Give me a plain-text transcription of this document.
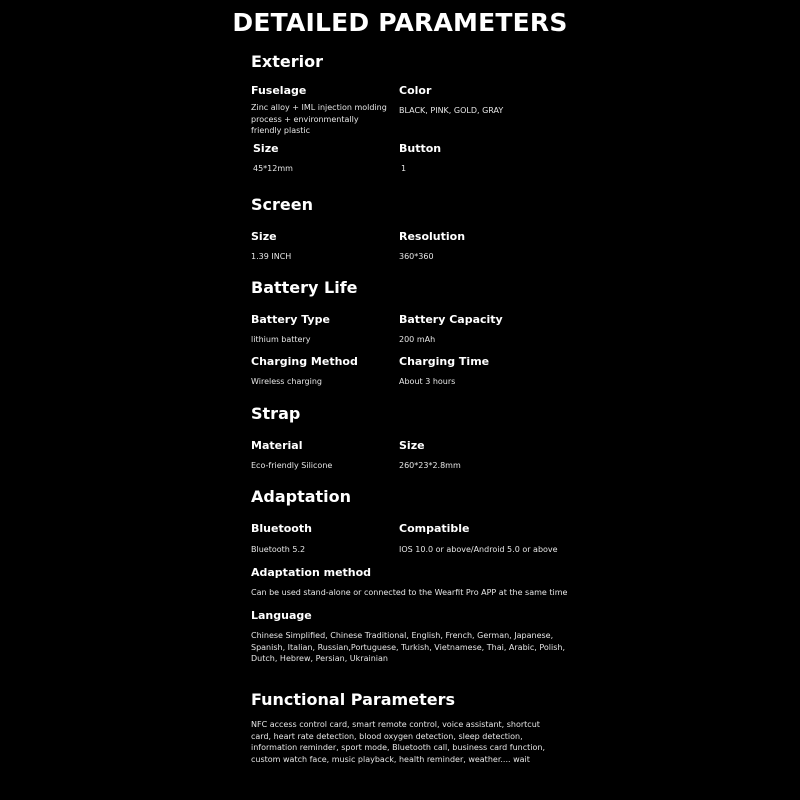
DETAILED PARAMETERS
Exterior
Fuselage
Zinc alloy + IML injection molding process + environmentally friendly plastic
Color
BLACK, PINK, GOLD, GRAY
Size
45*12mm
Button
1
Screen
Size
1.39 INCH
Resolution
360*360
Battery Life
Battery Type
lithium battery
Battery Capacity
200 mAh
Charging Method
Wireless charging
Charging Time
About 3 hours
Strap
Material
Eco-friendly Silicone
Size
260*23*2.8mm
Adaptation
Bluetooth
Bluetooth 5.2
Compatible
IOS 10.0 or above/Android 5.0 or above
Adaptation method
Can be used stand-alone or connected to the Wearfit Pro APP at the same time
Language
Chinese Simplified, Chinese Traditional, English, French, German, Japanese, Spanish, Italian, Russian,Portuguese, Turkish, Vietnamese, Thai, Arabic, Polish, Dutch, Hebrew, Persian, Ukrainian
Functional Parameters
NFC access control card, smart remote control, voice assistant, shortcut card, heart rate detection, blood oxygen detection, sleep detection, information reminder, sport mode, Bluetooth call, business card function, custom watch face, music playback, health reminder, weather.... wait
